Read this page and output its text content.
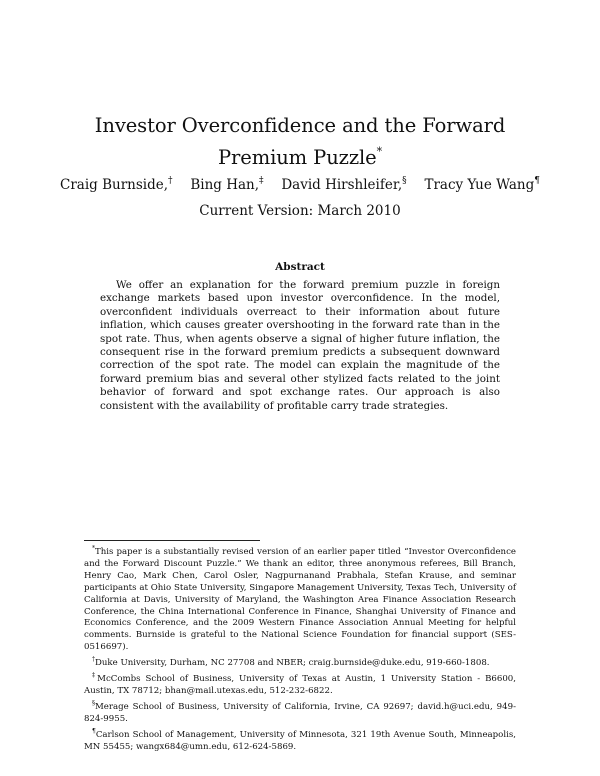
Investor Overconfidence and the Forward Premium Puzzle*
Craig Burnside,† Bing Han,‡ David Hirshleifer,§ Tracy Yue Wang¶
Current Version: March 2010
Abstract

We offer an explanation for the forward premium puzzle in foreign exchange markets based upon investor overconfidence. In the model, overconfident individuals overreact to their information about future inflation, which causes greater overshooting in the forward rate than in the spot rate. Thus, when agents observe a signal of higher future inflation, the consequent rise in the forward premium predicts a subsequent downward correction of the spot rate. The model can explain the magnitude of the forward premium bias and several other stylized facts related to the joint behavior of forward and spot exchange rates. Our approach is also consistent with the availability of profitable carry trade strategies.

*This paper is a substantially revised version of an earlier paper titled “Investor Overconfidence and the Forward Discount Puzzle.” We thank an editor, three anonymous referees, Bill Branch, Henry Cao, Mark Chen, Carol Osler, Nagpurnanand Prabhala, Stefan Krause, and seminar participants at Ohio State University, Singapore Management University, Texas Tech, University of California at Davis, University of Maryland, the Washington Area Finance Association Research Conference, the China International Conference in Finance, Shanghai University of Finance and Economics Conference, and the 2009 Western Finance Association Annual Meeting for helpful comments. Burnside is grateful to the National Science Foundation for financial support (SES-0516697).

†Duke University, Durham, NC 27708 and NBER; craig.burnside@duke.edu, 919-660-1808.

‡McCombs School of Business, University of Texas at Austin, 1 University Station - B6600, Austin, TX 78712; bhan@mail.utexas.edu, 512-232-6822.

§Merage School of Business, University of California, Irvine, CA 92697; david.h@uci.edu, 949-824-9955.

¶Carlson School of Management, University of Minnesota, 321 19th Avenue South, Minneapolis, MN 55455; wangx684@umn.edu, 612-624-5869.
